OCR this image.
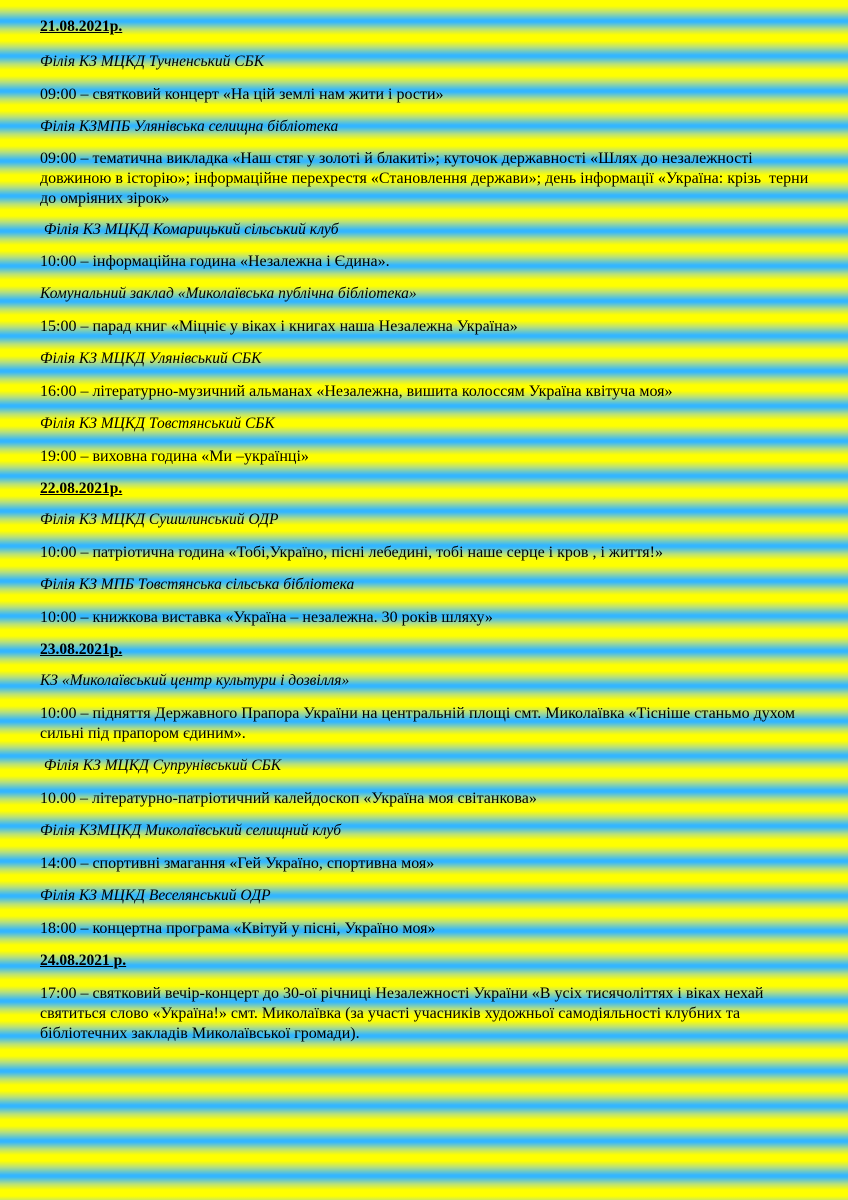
21.08.2021р.

Філія КЗ МЦКД Тучненський СБК

09:00 – святковий концерт «На цій землі нам жити і рости»

Філія КЗМПБ Улянівська селищна бібліотека

09:00 – тематична викладка «Наш стяг у золоті й блакиті»; куточок державності «Шлях до незалежності довжиною в історію»; інформаційне перехрестя «Становлення держави»; день інформації «Україна: крізь  терни до омріяних зірок»

Філія КЗ МЦКД Комарицький сільський клуб

10:00 – інформаційна година «Незалежна і Єдина».

Комунальний заклад «Миколаївська публічна бібліотека»

15:00 – парад книг «Міцніє у віках і книгах наша Незалежна Україна»

Філія КЗ МЦКД Улянівський СБК

16:00 – літературно-музичний альманах «Незалежна, вишита колоссям Україна квітуча моя»

Філія КЗ МЦКД Товстянський СБК

19:00 – виховна година «Ми –українці»

22.08.2021р.

Філія КЗ МЦКД Сушилинський ОДР

10:00 – патріотична година «Тобі,Україно, пісні лебедині, тобі наше серце і кров , і життя!»

Філія КЗ МПБ Товстянська сільська бібліотека

10:00 – книжкова виставка «Україна – незалежна. 30 років шляху»

23.08.2021р.

КЗ «Миколаївський центр культури і дозвілля»

10:00 – підняття Державного Прапора України на центральній площі смт. Миколаївка «Тісніше станьмо духом сильні під прапором єдиним».

Філія КЗ МЦКД Супрунівський СБК

10.00 – літературно-патріотичний калейдоскоп «Україна моя світанкова»

Філія КЗМЦКД Миколаївський селищний клуб

14:00 – спортивні змагання «Гей Україно, спортивна моя»

Філія КЗ МЦКД Веселянський ОДР

18:00 – концертна програма «Квітуй у пісні, Україно моя»

24.08.2021 р.

17:00 – святковий вечір-концерт до 30-ої річниці Незалежності України «В усіх тисячоліттях і віках нехай святиться слово «Україна!» смт. Миколаївка (за участі учасників художньої самодіяльності клубних та бібліотечних закладів Миколаївської громади).
